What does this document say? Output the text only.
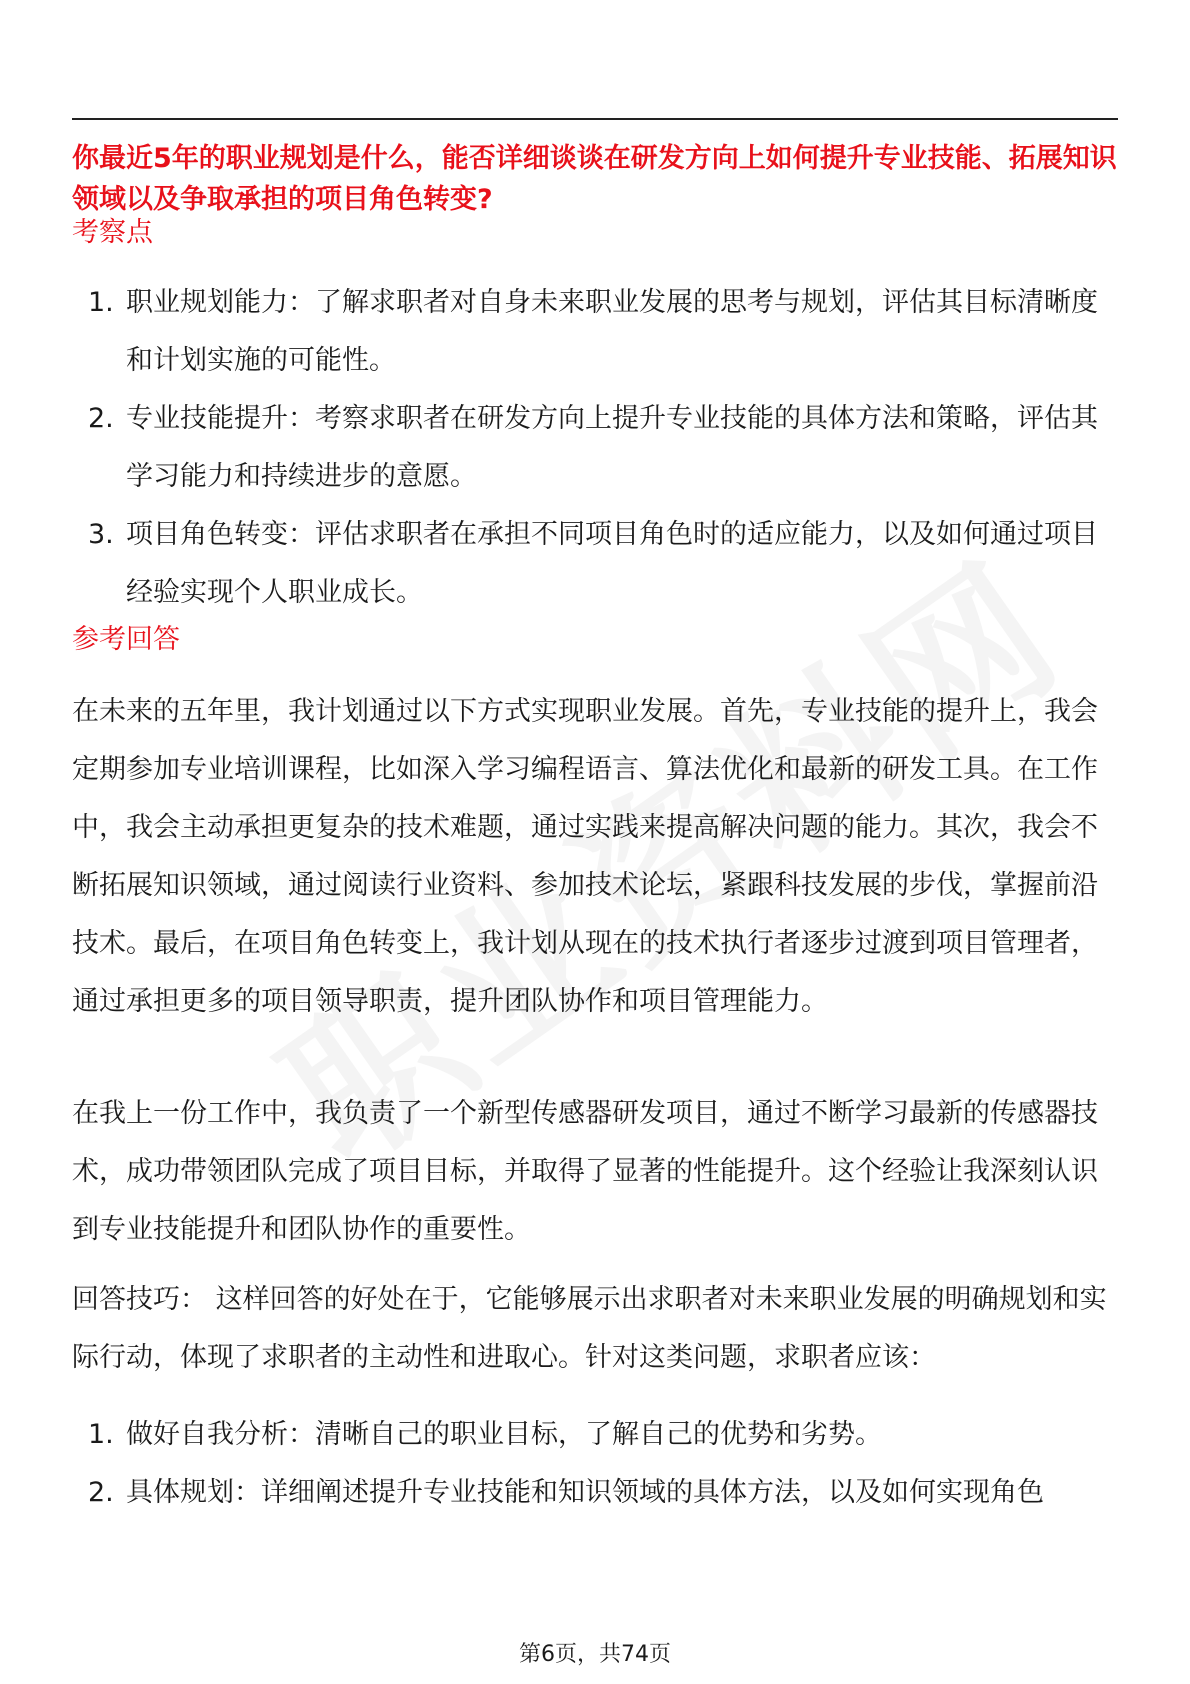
你最近5年的职业规划是什么，能否详细谈谈在研发方向上如何提升专业技能、拓展知识领域以及争取承担的项目角色转变?
考察点
1. 职业规划能力：了解求职者对自身未来职业发展的思考与规划，评估其目标清晰度和计划实施的可能性。
2. 专业技能提升：考察求职者在研发方向上提升专业技能的具体方法和策略，评估其学习能力和持续进步的意愿。
3. 项目角色转变：评估求职者在承担不同项目角色时的适应能力，以及如何通过项目经验实现个人职业成长。
参考回答

在未来的五年里，我计划通过以下方式实现职业发展。首先，专业技能的提升上，我会定期参加专业培训课程，比如深入学习编程语言、算法优化和最新的研发工具。在工作中，我会主动承担更复杂的技术难题，通过实践来提高解决问题的能力。其次，我会不断拓展知识领域，通过阅读行业资料、参加技术论坛，紧跟科技发展的步伐，掌握前沿技术。最后，在项目角色转变上，我计划从现在的技术执行者逐步过渡到项目管理者，通过承担更多的项目领导职责，提升团队协作和项目管理能力。

在我上一份工作中，我负责了一个新型传感器研发项目，通过不断学习最新的传感器技术，成功带领团队完成了项目目标，并取得了显著的性能提升。这个经验让我深刻认识到专业技能提升和团队协作的重要性。

回答技巧： 这样回答的好处在于，它能够展示出求职者对未来职业发展的明确规划和实际行动，体现了求职者的主动性和进取心。针对这类问题，求职者应该：

1. 做好自我分析：清晰自己的职业目标，了解自己的优势和劣势。
2. 具体规划：详细阐述提升专业技能和知识领域的具体方法，以及如何实现角色
第6页，共74页
